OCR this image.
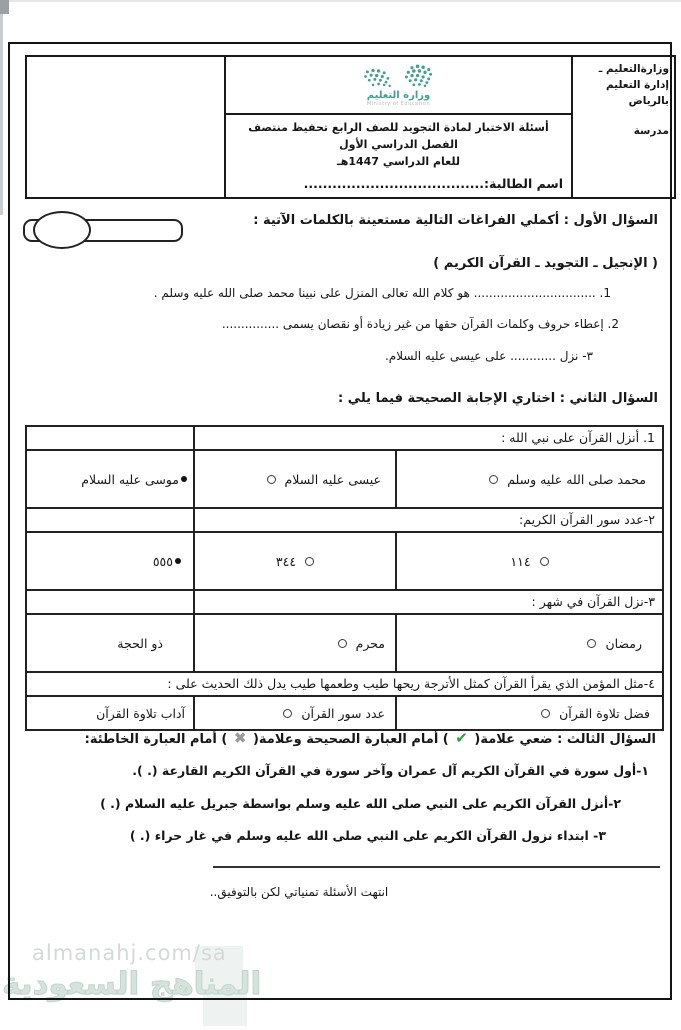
almanahj.com/sa
المناهج السعودية
وزارةالتعليم ـ
إدارة التعليم
بالرياض
مدرسة

وزارة التعليم
Ministry of Education
أسئلة الاختبار لمادة التجويد للصف الرابع تحفيظ منتصف الفصل الدراسي الأول
للعام الدراسي 1447هـ
اسم الطالبة:......................................

السؤال الأول : أكملي الفراغات التالية مستعينة بالكلمات الآتية :
( الإنجيل ـ التجويد ـ القرآن الكريم )
1. ................................ هو كلام الله تعالى المنزل على نبينا محمد صلى الله عليه وسلم .
2. إعطاء حروف وكلمات القرآن حقها من غير زيادة أو نقصان يسمى ...............
٣- نزل ............ على عيسى عليه السلام.
السؤال الثاني : اختاري الإجابة الصحيحة فيما يلي :
1. أنزل القرآن على نبي الله :		

محمد صلى الله عليه وسلم	عيسى عليه السلام	موسى عليه السلام

٢-عدد سور القرآن الكريم:		

١١٤	٣٤٤	٥٥٥

٣-نزل القرآن في شهر :		

رمضان	محرم	ذو الحجة

٤-مثل المؤمن الذي يقرأ القرآن كمثل الأترجة ريحها طيب وطعمها طيب يدل ذلك الحديث على :		

فضل تلاوة القرآن	عدد سور القرآن	آداب تلاوة القرآن
السؤال الثالث : ضعي علامة( ✔ ) أمام العبارة الصحيحة وعلامة( ✖ ) أمام العبارة الخاطئة:
١-أول سورة في القرآن الكريم آل عمران وآخر سورة في القرآن الكريم القارعة (. ).
٢-أنزل القرآن الكريم على النبي صلى الله عليه وسلم بواسطة جبريل عليه السلام (. )
٣- ابتداء نزول القرآن الكريم على النبي صلى الله عليه وسلم في غار حراء (. )
انتهت الأسئلة تمنياتي لكن بالتوفيق..
